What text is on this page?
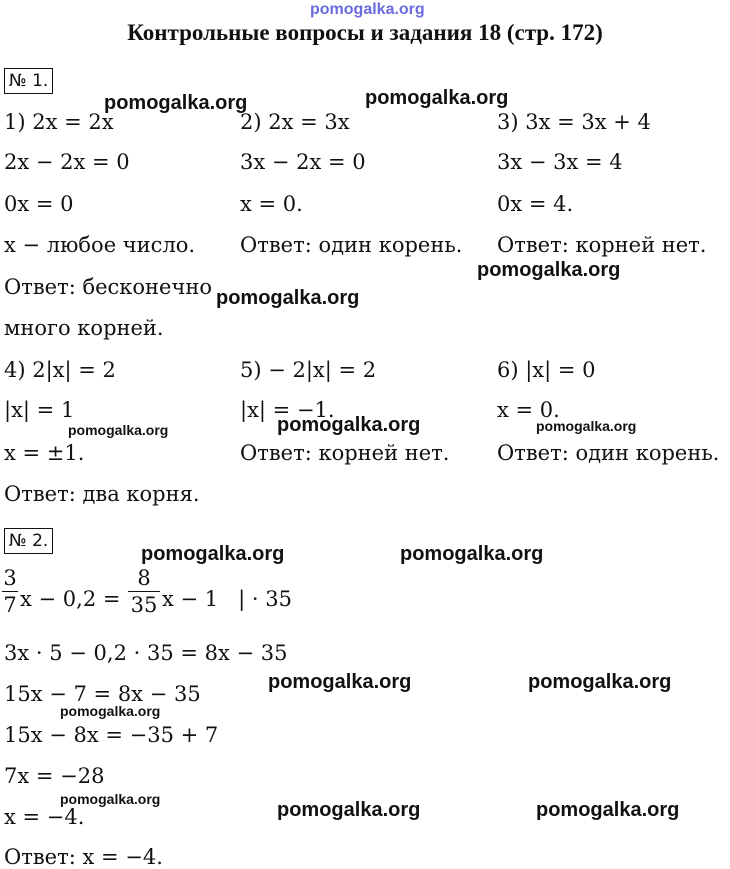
pomogalka.org
Контрольные вопросы и задания 18 (стр. 172)
№ 1.
1) 2x = 2x
2x − 2x = 0
0x = 0
x − любое число.
Ответ: бесконечно
много корней.
2) 2x = 3x
3x − 2x = 0
x = 0.
Ответ: один корень.
3) 3x = 3x + 4
3x − 3x = 4
0x = 4.
Ответ: корней нет.
4) 2|x| = 2
|x| = 1
x = ±1.
Ответ: два корня.
5) − 2|x| = 2
|x| = −1.
Ответ: корней нет.
6) |x| = 0
x = 0.
Ответ: один корень.
№ 2.
3
7 x − 0,2 =
8
35 x − 1   | · 35
3x · 5 − 0,2 · 35 = 8x − 35
15x − 7 = 8x − 35
15x − 8x = −35 + 7
7x = −28
x = −4.
Ответ: x = −4.
pomogalka.org	pomogalka.org
pomogalka.org
pomogalka.org
pomogalka.org	pomogalka.org	pomogalka.org
pomogalka.org	pomogalka.org
pomogalka.org	pomogalka.org
pomogalka.org
pomogalka.org	pomogalka.org	pomogalka.org
